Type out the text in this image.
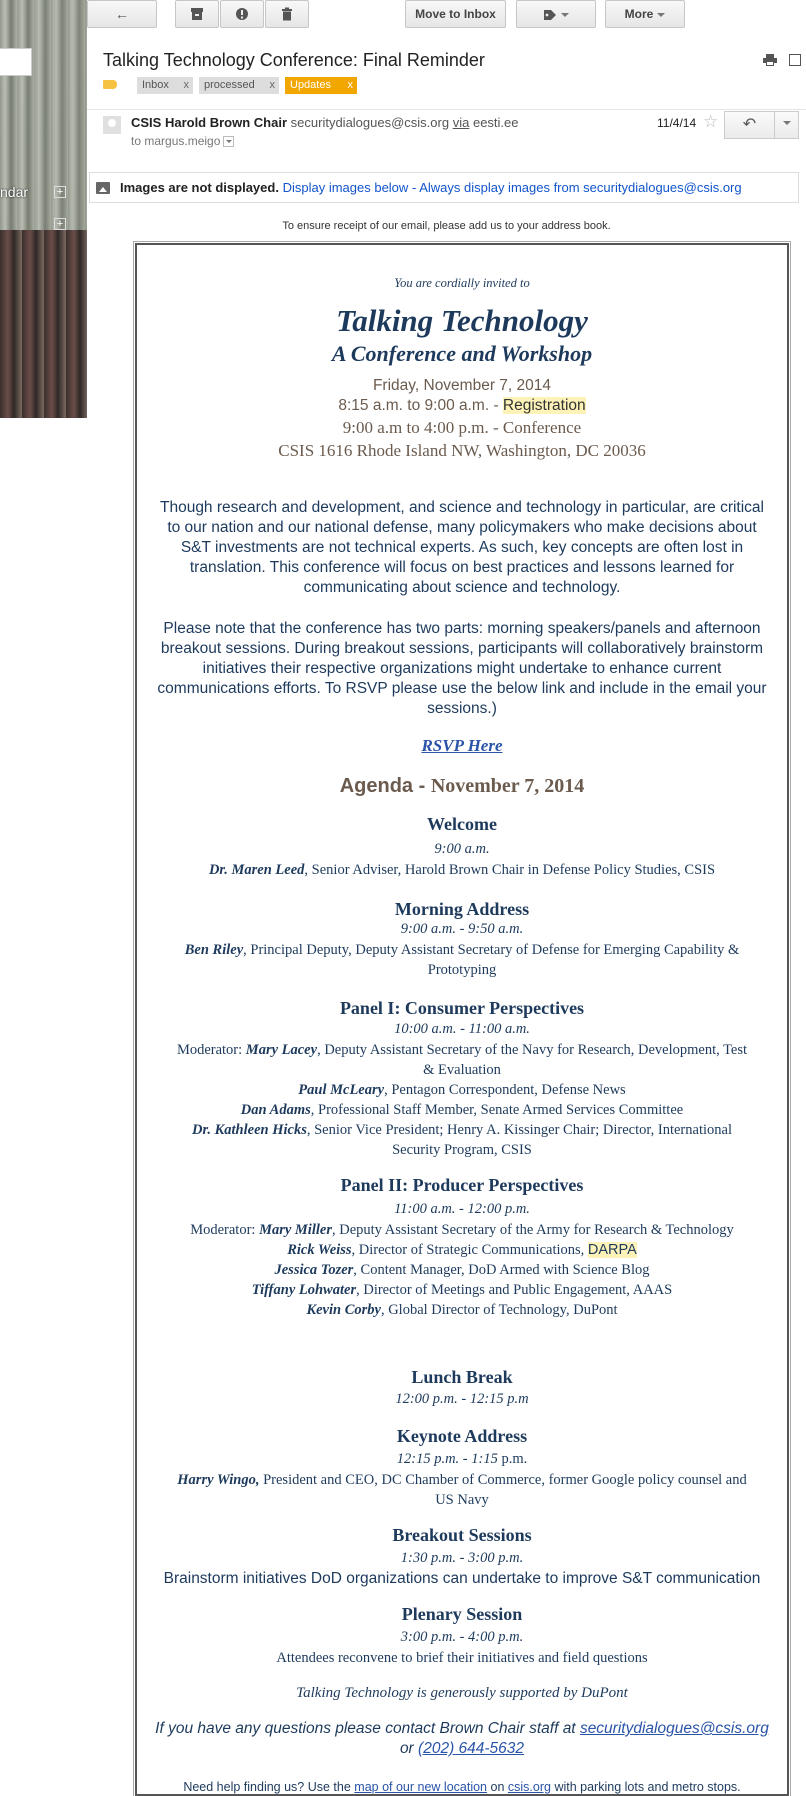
ndar	+
+
←	Move to Inbox	More
Talking Technology Conference: Final Reminder
Inbox x	processed x	Updates x
CSIS Harold Brown Chair securitydialogues@csis.org via eesti.ee
to margus.meigo
11/4/14 ☆	↶
Images are not displayed. Display images below - Always display images from securitydialogues@csis.org
To ensure receipt of our email, please add us to your address book.
You are cordially invited to
Talking Technology
A Conference and Workshop
Friday, November 7, 2014
8:15 a.m. to 9:00 a.m. - Registration
9:00 a.m to 4:00 p.m. - Conference
CSIS 1616 Rhode Island NW, Washington, DC 20036
Though research and development, and science and technology in particular, are critical
to our nation and our national defense, many policymakers who make decisions about
S&T investments are not technical experts. As such, key concepts are often lost in
translation. This conference will focus on best practices and lessons learned for
communicating about science and technology.
Please note that the conference has two parts: morning speakers/panels and afternoon
breakout sessions. During breakout sessions, participants will collaboratively brainstorm
initiatives their respective organizations might undertake to enhance current
communications efforts. To RSVP please use the below link and include in the email your
sessions.)
RSVP Here
Agenda - November 7, 2014
Welcome
9:00 a.m.
Dr. Maren Leed, Senior Adviser, Harold Brown Chair in Defense Policy Studies, CSIS
Morning Address
9:00 a.m. - 9:50 a.m.
Ben Riley, Principal Deputy, Deputy Assistant Secretary of Defense for Emerging Capability &
Prototyping
Panel I: Consumer Perspectives
10:00 a.m. - 11:00 a.m.
Moderator: Mary Lacey, Deputy Assistant Secretary of the Navy for Research, Development, Test
& Evaluation
Paul McLeary, Pentagon Correspondent, Defense News
Dan Adams, Professional Staff Member, Senate Armed Services Committee
Dr. Kathleen Hicks, Senior Vice President; Henry A. Kissinger Chair; Director, International
Security Program, CSIS
Panel II: Producer Perspectives
11:00 a.m. - 12:00 p.m.
Moderator: Mary Miller, Deputy Assistant Secretary of the Army for Research & Technology
Rick Weiss, Director of Strategic Communications, DARPA
Jessica Tozer, Content Manager, DoD Armed with Science Blog
Tiffany Lohwater, Director of Meetings and Public Engagement, AAAS
Kevin Corby, Global Director of Technology, DuPont
Lunch Break
12:00 p.m. - 12:15 p.m
Keynote Address
12:15 p.m. - 1:15 p.m.
Harry Wingo, President and CEO, DC Chamber of Commerce, former Google policy counsel and
US Navy
Breakout Sessions
1:30 p.m. - 3:00 p.m.
Brainstorm initiatives DoD organizations can undertake to improve S&T communication
Plenary Session
3:00 p.m. - 4:00 p.m.
Attendees reconvene to brief their initiatives and field questions
Talking Technology is generously supported by DuPont
If you have any questions please contact Brown Chair staff at securitydialogues@csis.org
or (202) 644-5632
Need help finding us? Use the map of our new location on csis.org with parking lots and metro stops.
